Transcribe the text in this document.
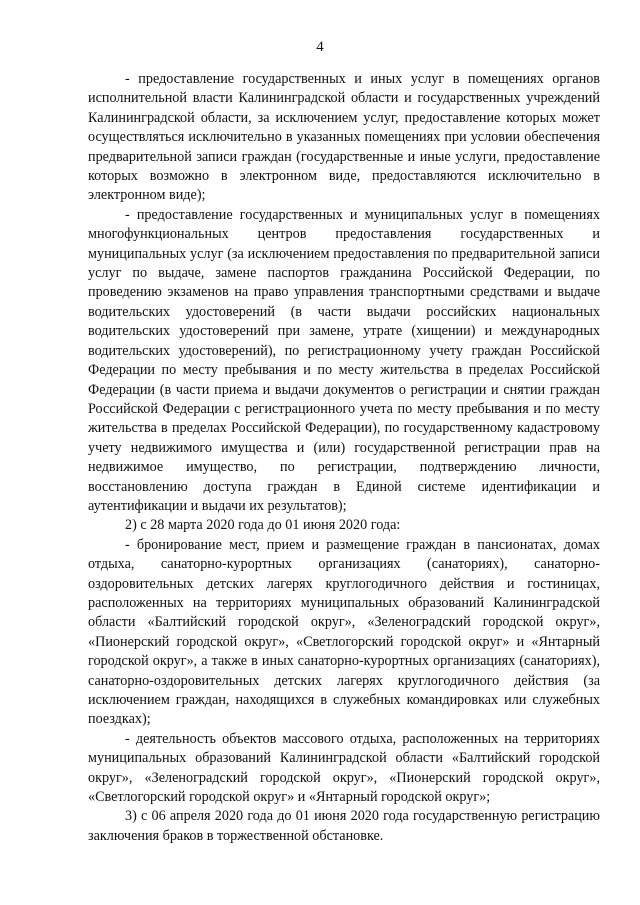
4

- предоставление государственных и иных услуг в помещениях органов исполнительной власти Калининградской области и государственных учреждений Калининградской области, за исключением услуг, предоставление которых может осуществляться исключительно в указанных помещениях при условии обеспечения предварительной записи граждан (государственные и иные услуги, предоставление которых возможно в электронном виде, предоставляются исключительно в электронном виде);

- предоставление государственных и муниципальных услуг в помещениях многофункциональных центров предоставления государственных и муниципальных услуг (за исключением предоставления по предварительной записи услуг по выдаче, замене паспортов гражданина Российской Федерации, по проведению экзаменов на право управления транспортными средствами и выдаче водительских удостоверений (в части выдачи российских национальных водительских удостоверений при замене, утрате (хищении) и международных водительских удостоверений), по регистрационному учету граждан Российской Федерации по месту пребывания и по месту жительства в пределах Российской Федерации (в части приема и выдачи документов о регистрации и снятии граждан Российской Федерации с регистрационного учета по месту пребывания и по месту жительства в пределах Российской Федерации), по государственному кадастровому учету недвижимого имущества и (или) государственной регистрации прав на недвижимое имущество, по регистрации, подтверждению личности, восстановлению доступа граждан в Единой системе идентификации и аутентификации и выдачи их результатов);

2) с 28 марта 2020 года до 01 июня 2020 года:

- бронирование мест, прием и размещение граждан в пансионатах, домах отдыха, санаторно-курортных организациях (санаториях), санаторно-оздоровительных детских лагерях круглогодичного действия и гостиницах, расположенных на территориях муниципальных образований Калининградской области «Балтийский городской округ», «Зеленоградский городской округ», «Пионерский городской округ», «Светлогорский городской округ» и «Янтарный городской округ», а также в иных санаторно-курортных организациях (санаториях), санаторно-оздоровительных детских лагерях круглогодичного действия (за исключением граждан, находящихся в служебных командировках или служебных поездках);

- деятельность объектов массового отдыха, расположенных на территориях муниципальных образований Калининградской области «Балтийский городской округ», «Зеленоградский городской округ», «Пионерский городской округ», «Светлогорский городской округ» и «Янтарный городской округ»;

3) с 06 апреля 2020 года до 01 июня 2020 года государственную регистрацию заключения браков в торжественной обстановке.
